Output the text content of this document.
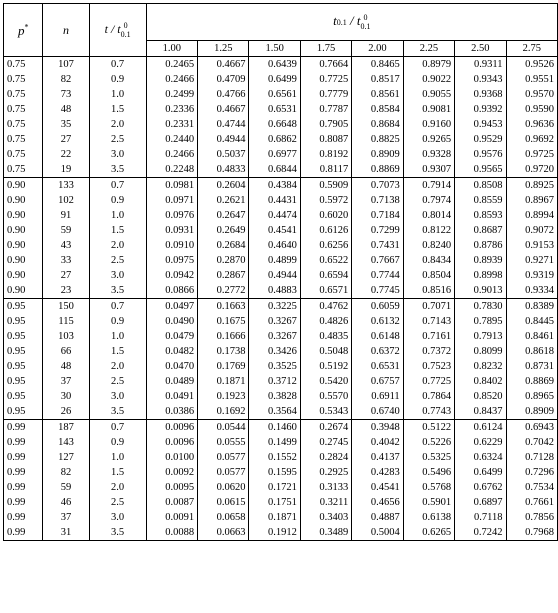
p*	n	t / t 0
0.1	t0.1 / t 0
0.1							

			1.00	1.25	1.50	1.75	2.00	2.25	2.50	2.75
0.75	107	0.7	0.2465	0.4667	0.6439	0.7664	0.8465	0.8979	0.9311	0.9526
0.75	82	0.9	0.2466	0.4709	0.6499	0.7725	0.8517	0.9022	0.9343	0.9551
0.75	73	1.0	0.2499	0.4766	0.6561	0.7779	0.8561	0.9055	0.9368	0.9570
0.75	48	1.5	0.2336	0.4667	0.6531	0.7787	0.8584	0.9081	0.9392	0.9590
0.75	35	2.0	0.2331	0.4744	0.6648	0.7905	0.8684	0.9160	0.9453	0.9636
0.75	27	2.5	0.2440	0.4944	0.6862	0.8087	0.8825	0.9265	0.9529	0.9692
0.75	22	3.0	0.2466	0.5037	0.6977	0.8192	0.8909	0.9328	0.9576	0.9725
0.75	19	3.5	0.2248	0.4833	0.6844	0.8117	0.8869	0.9307	0.9565	0.9720
0.90	133	0.7	0.0981	0.2604	0.4384	0.5909	0.7073	0.7914	0.8508	0.8925
0.90	102	0.9	0.0971	0.2621	0.4431	0.5972	0.7138	0.7974	0.8559	0.8967
0.90	91	1.0	0.0976	0.2647	0.4474	0.6020	0.7184	0.8014	0.8593	0.8994
0.90	59	1.5	0.0931	0.2649	0.4541	0.6126	0.7299	0.8122	0.8687	0.9072
0.90	43	2.0	0.0910	0.2684	0.4640	0.6256	0.7431	0.8240	0.8786	0.9153
0.90	33	2.5	0.0975	0.2870	0.4899	0.6522	0.7667	0.8434	0.8939	0.9271
0.90	27	3.0	0.0942	0.2867	0.4944	0.6594	0.7744	0.8504	0.8998	0.9319
0.90	23	3.5	0.0866	0.2772	0.4883	0.6571	0.7745	0.8516	0.9013	0.9334
0.95	150	0.7	0.0497	0.1663	0.3225	0.4762	0.6059	0.7071	0.7830	0.8389
0.95	115	0.9	0.0490	0.1675	0.3267	0.4826	0.6132	0.7143	0.7895	0.8445
0.95	103	1.0	0.0479	0.1666	0.3267	0.4835	0.6148	0.7161	0.7913	0.8461
0.95	66	1.5	0.0482	0.1738	0.3426	0.5048	0.6372	0.7372	0.8099	0.8618
0.95	48	2.0	0.0470	0.1769	0.3525	0.5192	0.6531	0.7523	0.8232	0.8731
0.95	37	2.5	0.0489	0.1871	0.3712	0.5420	0.6757	0.7725	0.8402	0.8869
0.95	30	3.0	0.0491	0.1923	0.3828	0.5570	0.6911	0.7864	0.8520	0.8965
0.95	26	3.5	0.0386	0.1692	0.3564	0.5343	0.6740	0.7743	0.8437	0.8909
0.99	187	0.7	0.0096	0.0544	0.1460	0.2674	0.3948	0.5122	0.6124	0.6943
0.99	143	0.9	0.0096	0.0555	0.1499	0.2745	0.4042	0.5226	0.6229	0.7042
0.99	127	1.0	0.0100	0.0577	0.1552	0.2824	0.4137	0.5325	0.6324	0.7128
0.99	82	1.5	0.0092	0.0577	0.1595	0.2925	0.4283	0.5496	0.6499	0.7296
0.99	59	2.0	0.0095	0.0620	0.1721	0.3133	0.4541	0.5768	0.6762	0.7534
0.99	46	2.5	0.0087	0.0615	0.1751	0.3211	0.4656	0.5901	0.6897	0.7661
0.99	37	3.0	0.0091	0.0658	0.1871	0.3403	0.4887	0.6138	0.7118	0.7856
0.99	31	3.5	0.0088	0.0663	0.1912	0.3489	0.5004	0.6265	0.7242	0.7968
